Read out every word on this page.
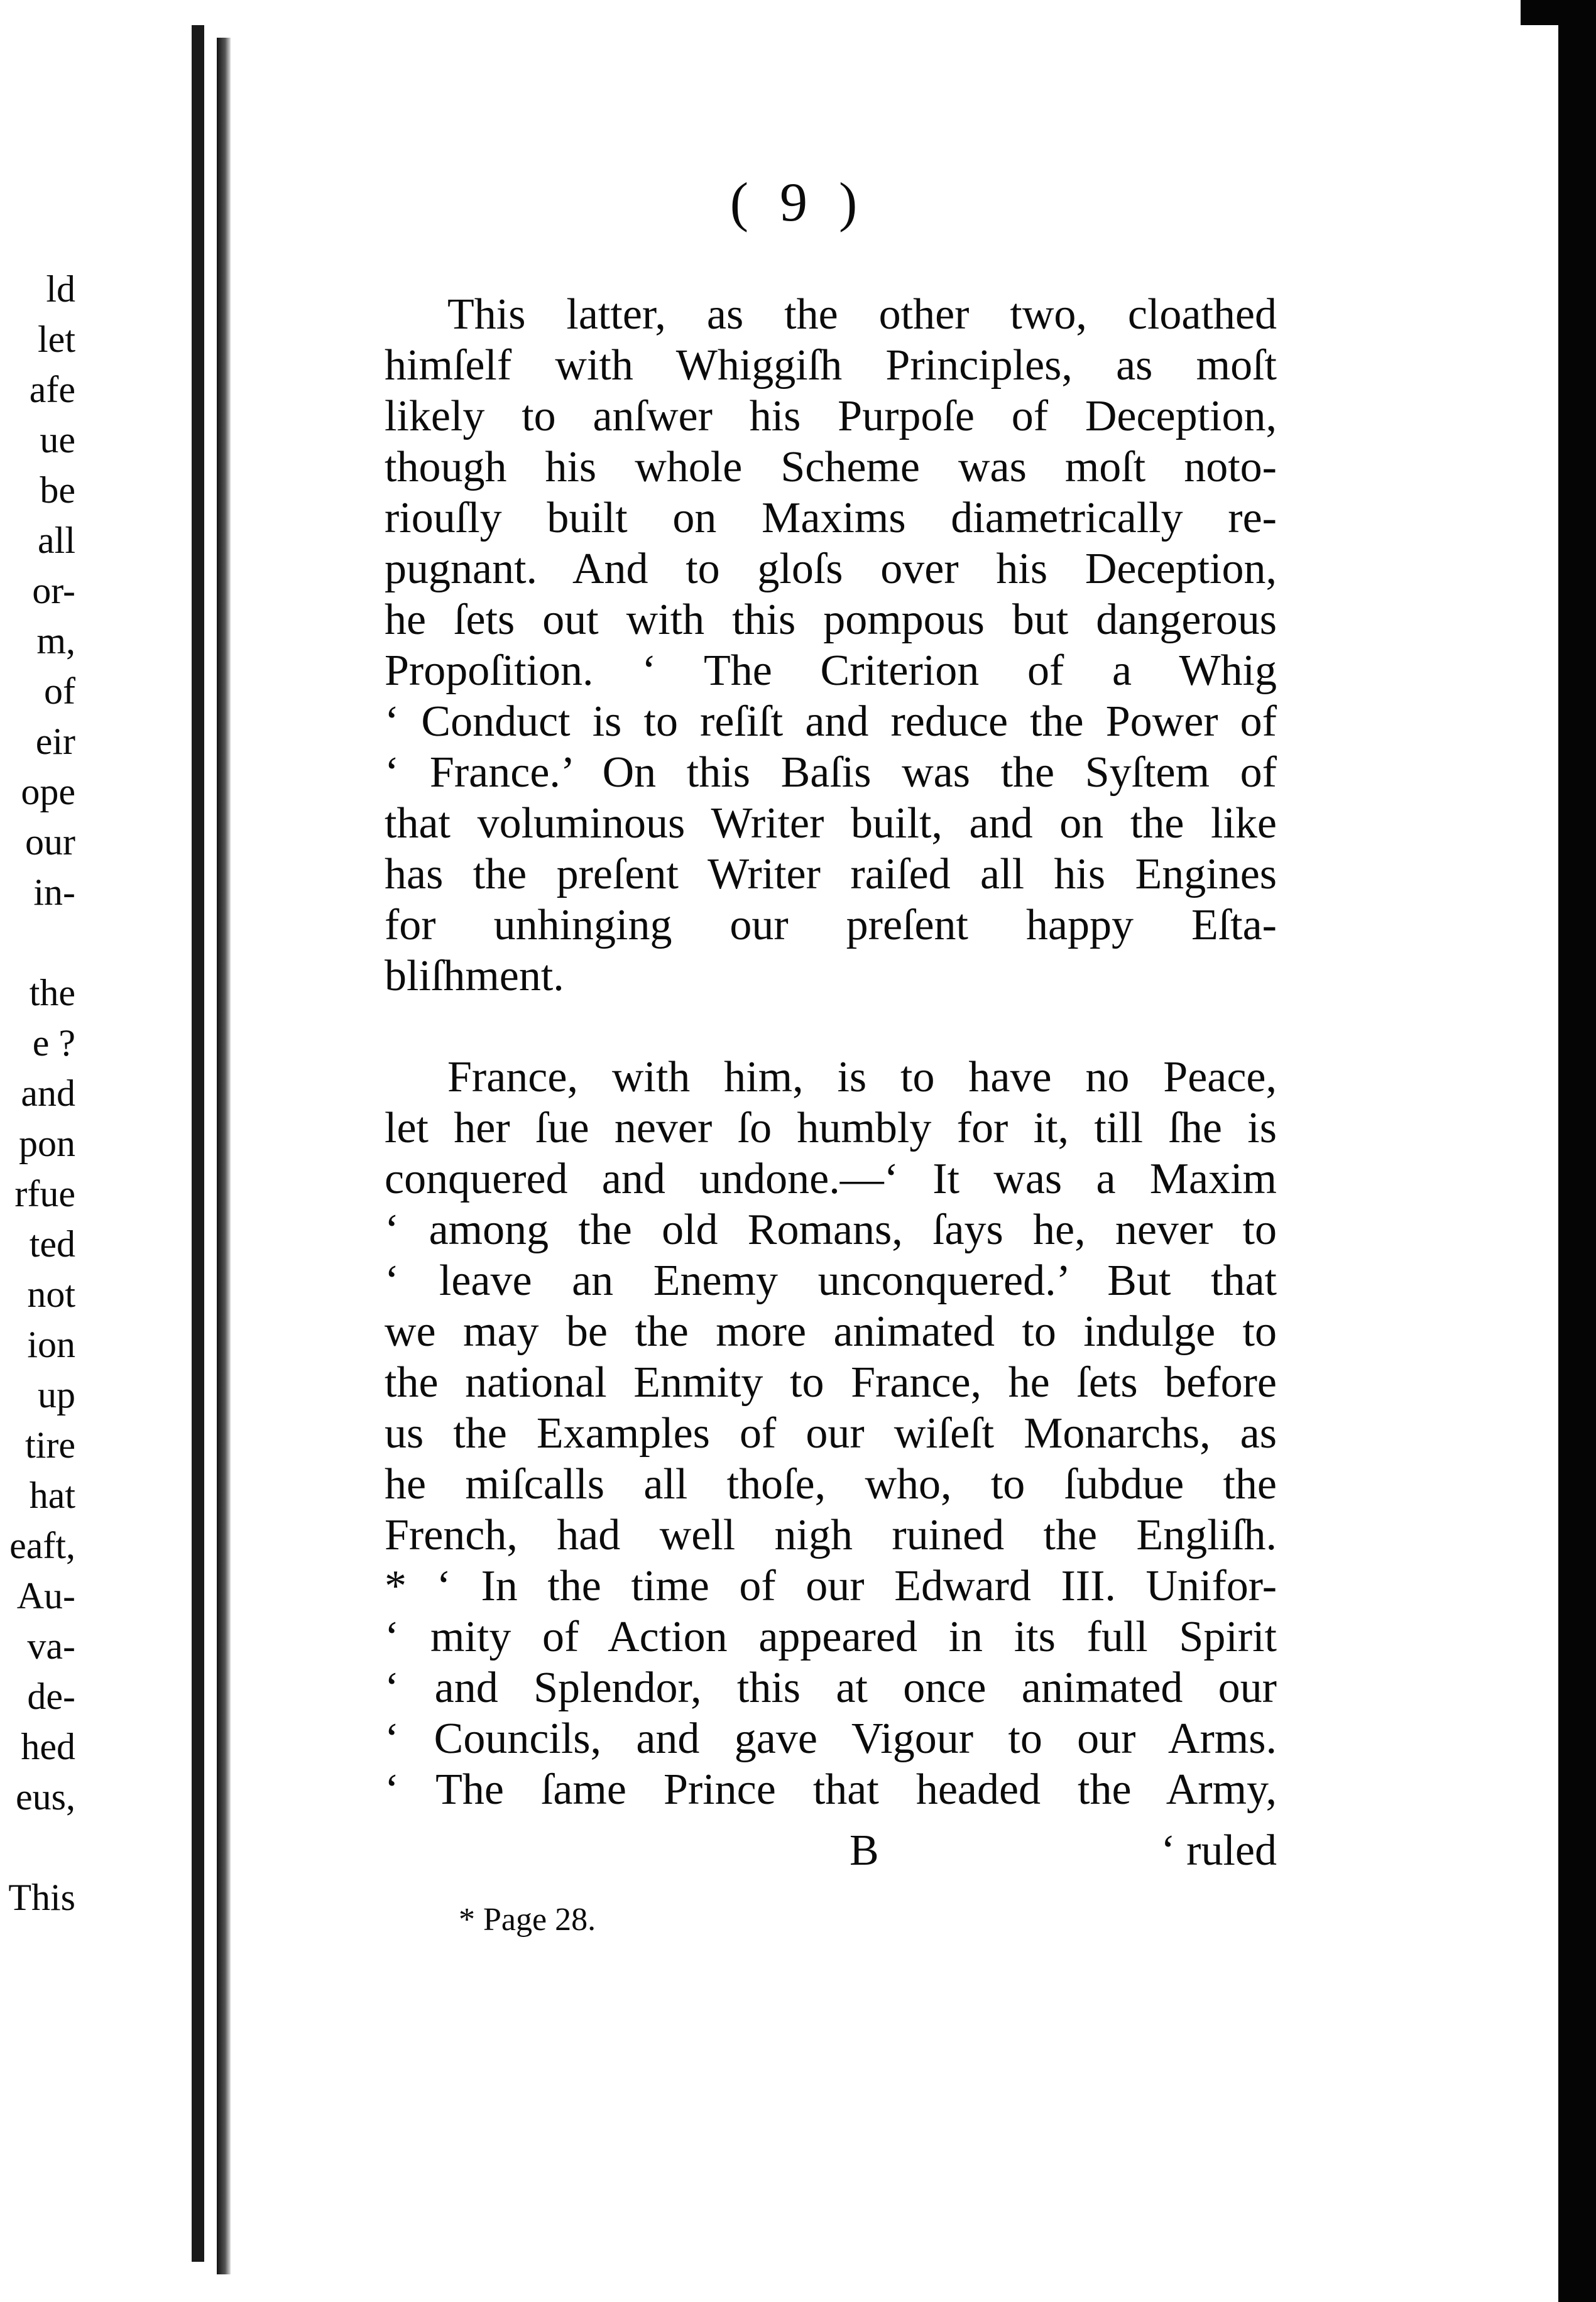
ld
let
afe
ue
be
all
or-
m,
of
eir
ope
our
in-

the
e ?
and
pon
rfue
ted
not
ion
up
tire
hat
eaft,
Au-
va-
de-
hed
eus,

This
( 9 )
This latter, as the other two, cloathed
himſelf with Whiggiſh Principles, as moſt
likely to anſwer his Purpoſe of Deception,
though his whole Scheme was moſt noto-
riouſly built on Maxims diametrically re-
pugnant. And to gloſs over his Deception,
he ſets out with this pompous but dangerous
Propoſition. ‘ The Criterion of a Whig
‘ Conduct is to reſiſt and reduce the Power of
‘ France.’ On this Baſis was the Syſtem of
that voluminous Writer built, and on the like
has the preſent Writer raiſed all his Engines
for unhinging our preſent happy Eſta-
bliſhment.
France, with him, is to have no Peace,
let her ſue never ſo humbly for it, till ſhe is
conquered and undone.—‘ It was a Maxim
‘ among the old Romans, ſays he, never to
‘ leave an Enemy unconquered.’ But that
we may be the more animated to indulge to
the national Enmity to France, he ſets before
us the Examples of our wiſeſt Monarchs, as
he miſcalls all thoſe, who, to ſubdue the
French, had well nigh ruined the Engliſh.
* ‘ In the time of our Edward III. Unifor-
‘ mity of Action appeared in its full Spirit
‘ and Splendor, this at once animated our
‘ Councils, and gave Vigour to our Arms.
‘ The ſame Prince that headed the Army,
B	‘ ruled
* Page 28.
